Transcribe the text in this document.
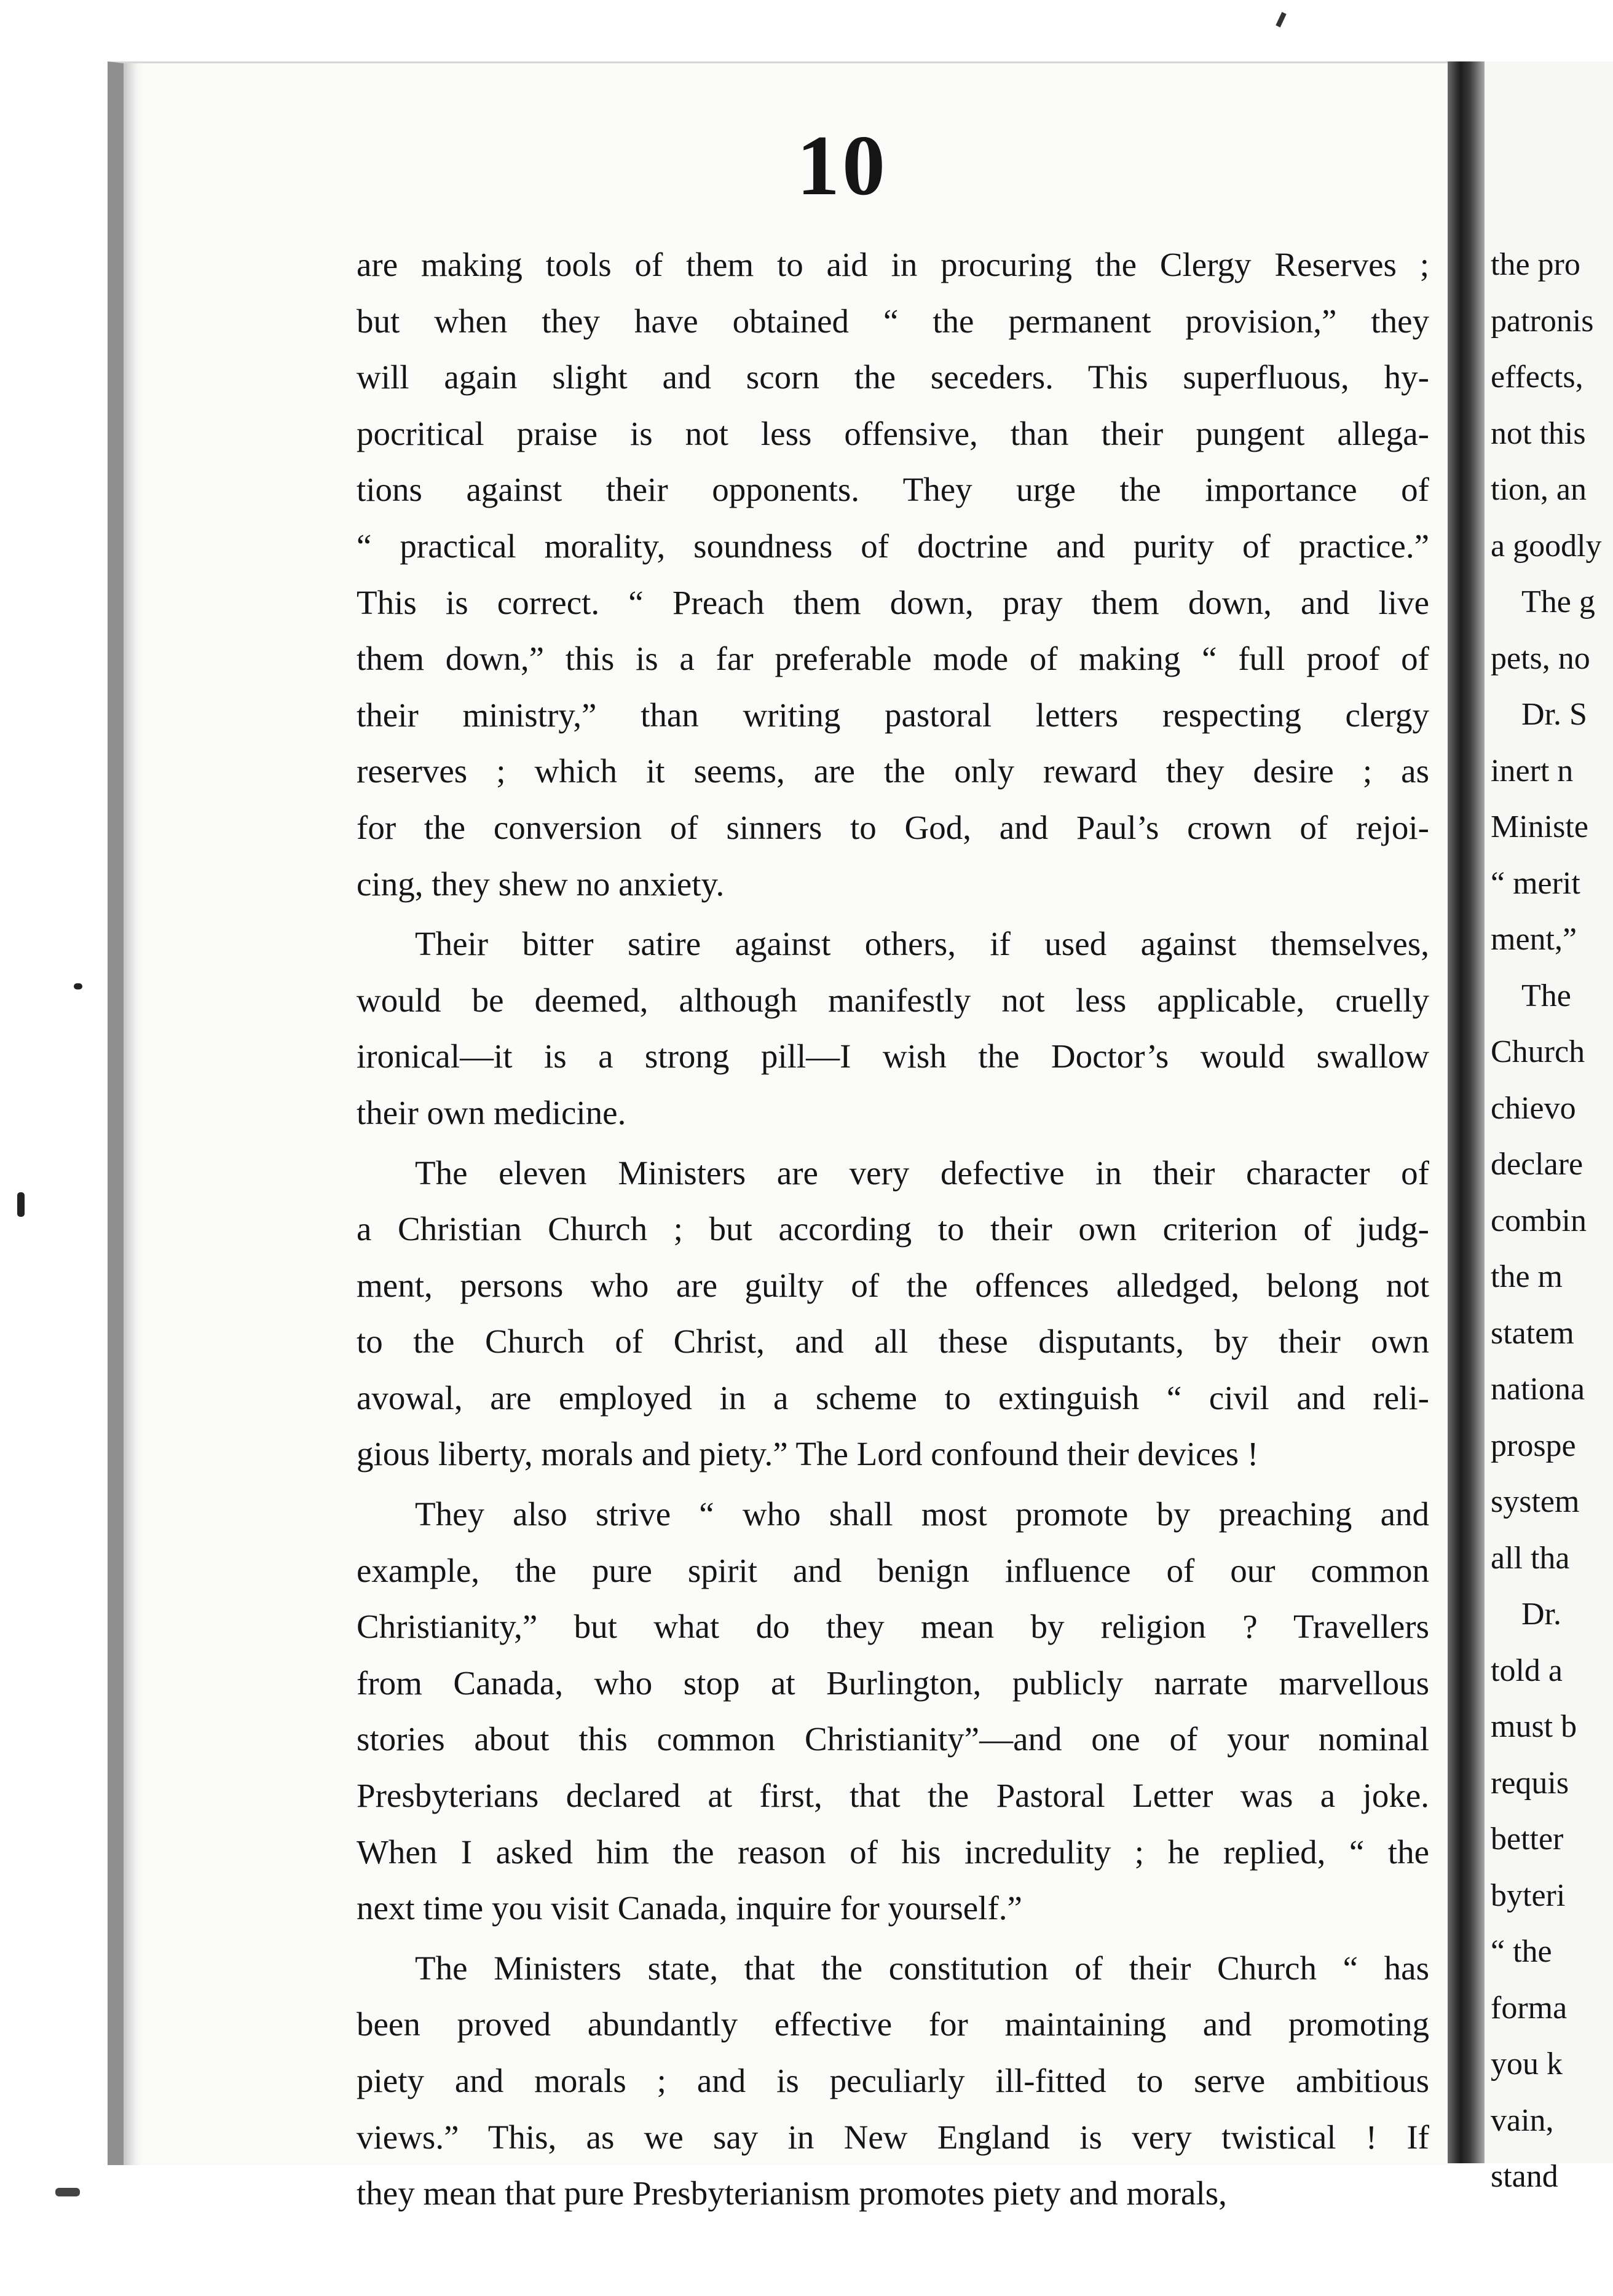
10
are making tools of them to aid in procuring the Clergy Reserves ;
but when they have obtained “ the permanent provision,” they
will again slight and scorn the seceders. This superfluous, hy-
pocritical praise is not less offensive, than their pungent allega-
tions against their opponents. They urge the importance of
“ practical morality, soundness of doctrine and purity of practice.”
This is correct. “ Preach them down, pray them down, and live
them down,” this is a far preferable mode of making “ full proof of
their ministry,” than writing pastoral letters respecting clergy
reserves ; which it seems, are the only reward they desire ; as
for the conversion of sinners to God, and Paul’s crown of rejoi-
cing, they shew no anxiety.
Their bitter satire against others, if used against themselves,
would be deemed, although manifestly not less applicable, cruelly
ironical—it is a strong pill—I wish the Doctor’s would swallow
their own medicine.
The eleven Ministers are very defective in their character of
a Christian Church ; but according to their own criterion of judg-
ment, persons who are guilty of the offences alledged, belong not
to the Church of Christ, and all these disputants, by their own
avowal, are employed in a scheme to extinguish “ civil and reli-
gious liberty, morals and piety.” The Lord confound their devices !
They also strive “ who shall most promote by preaching and
example, the pure spirit and benign influence of our common
Christianity,” but what do they mean by religion ? Travellers
from Canada, who stop at Burlington, publicly narrate marvellous
stories about this common Christianity”—and one of your nominal
Presbyterians declared at first, that the Pastoral Letter was a joke.
When I asked him the reason of his incredulity ; he replied, “ the
next time you visit Canada, inquire for yourself.”
The Ministers state, that the constitution of their Church “ has
been proved abundantly effective for maintaining and promoting
piety and morals ; and is peculiarly ill-fitted to serve ambitious
views.” This, as we say in New England is very twistical ! If
they mean that pure Presbyterianism promotes piety and morals,
the pro
patronis
effects,
not this
tion, an
a goodly
The g
pets, no
Dr. S
inert n
Ministe
“ merit
ment,”
The
Church
chievo
declare
combin
the m
statem
nationa
prospe
system
all tha
Dr.
told a
must b
requis
better
byteri
“ the
forma
you k
vain,
stand
